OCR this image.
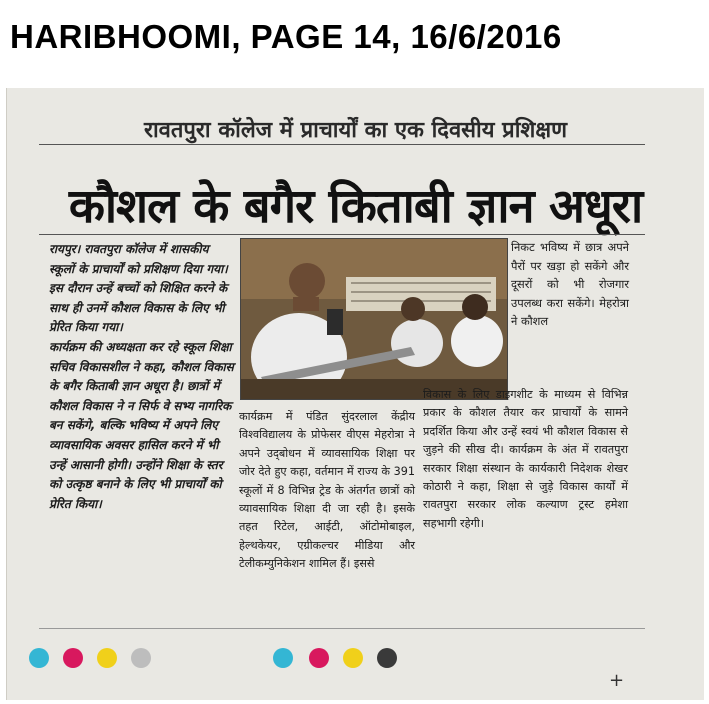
HARIBHOOMI, PAGE 14, 16/6/2016
रावतपुरा कॉलेज में प्राचार्यों का एक दिवसीय प्रशिक्षण
कौशल के बगैर किताबी ज्ञान अधूरा

रायपुर। रावतपुरा कॉलेज में शासकीय स्कूलों के प्राचार्यों को प्रशिक्षण दिया गया। इस दौरान उन्हें बच्चों को शिक्षित करने के साथ ही उनमें कौशल विकास के लिए भी प्रेरित किया गया।

कार्यक्रम की अध्यक्षता कर रहे स्कूल शिक्षा सचिव विकासशील ने कहा, कौशल विकास के बगैर किताबी ज्ञान अधूरा है। छात्रों में कौशल विकास ने न सिर्फ वे सभ्य नागरिक बन सकेंगे, बल्कि भविष्य में अपने लिए व्यावसायिक अवसर हासिल करने में भी उन्हें आसानी होगी। उन्होंने शिक्षा के स्तर को उत्कृष्ठ बनाने के लिए भी प्राचार्यों को प्रेरित किया।

कार्यक्रम में पंडित सुंदरलाल केंद्रीय विश्वविद्यालय के प्रोफेसर वीएस मेहरोत्रा ने अपने उद्‌बोधन में व्यावसायिक शिक्षा पर जोर देते हुए कहा, वर्तमान में राज्य के 391 स्कूलों में 8 विभिन्न ट्रेड के अंतर्गत छात्रों को व्यावसायिक शिक्षा दी जा रही है। इसके तहत रिटेल, आईटी, ऑटोमोबाइल, हेल्थकेयर, एग्रीकल्चर मीडिया और टेलीकम्युनिकेशन शामिल हैं। इससे
निकट भविष्य में छात्र अपने पैरों पर खड़ा हो सकेंगे और दूसरों को भी रोजगार उपलब्ध करा सकेंगे। मेहरोत्रा ने कौशल
विकास के लिए डाइगशीट के माध्यम से विभिन्न प्रकार के कौशल तैयार कर प्राचार्यों के सामने प्रदर्शित किया और उन्हें स्वयं भी कौशल विकास से जुड़ने की सीख दी। कार्यक्रम के अंत में रावतपुरा सरकार शिक्षा संस्थान के कार्यकारी निदेशक शेखर कोठारी ने कहा, शिक्षा से जुड़े विकास कार्यों में रावतपुरा सरकार लोक कल्याण ट्रस्ट हमेशा सहभागी रहेगी।
+
